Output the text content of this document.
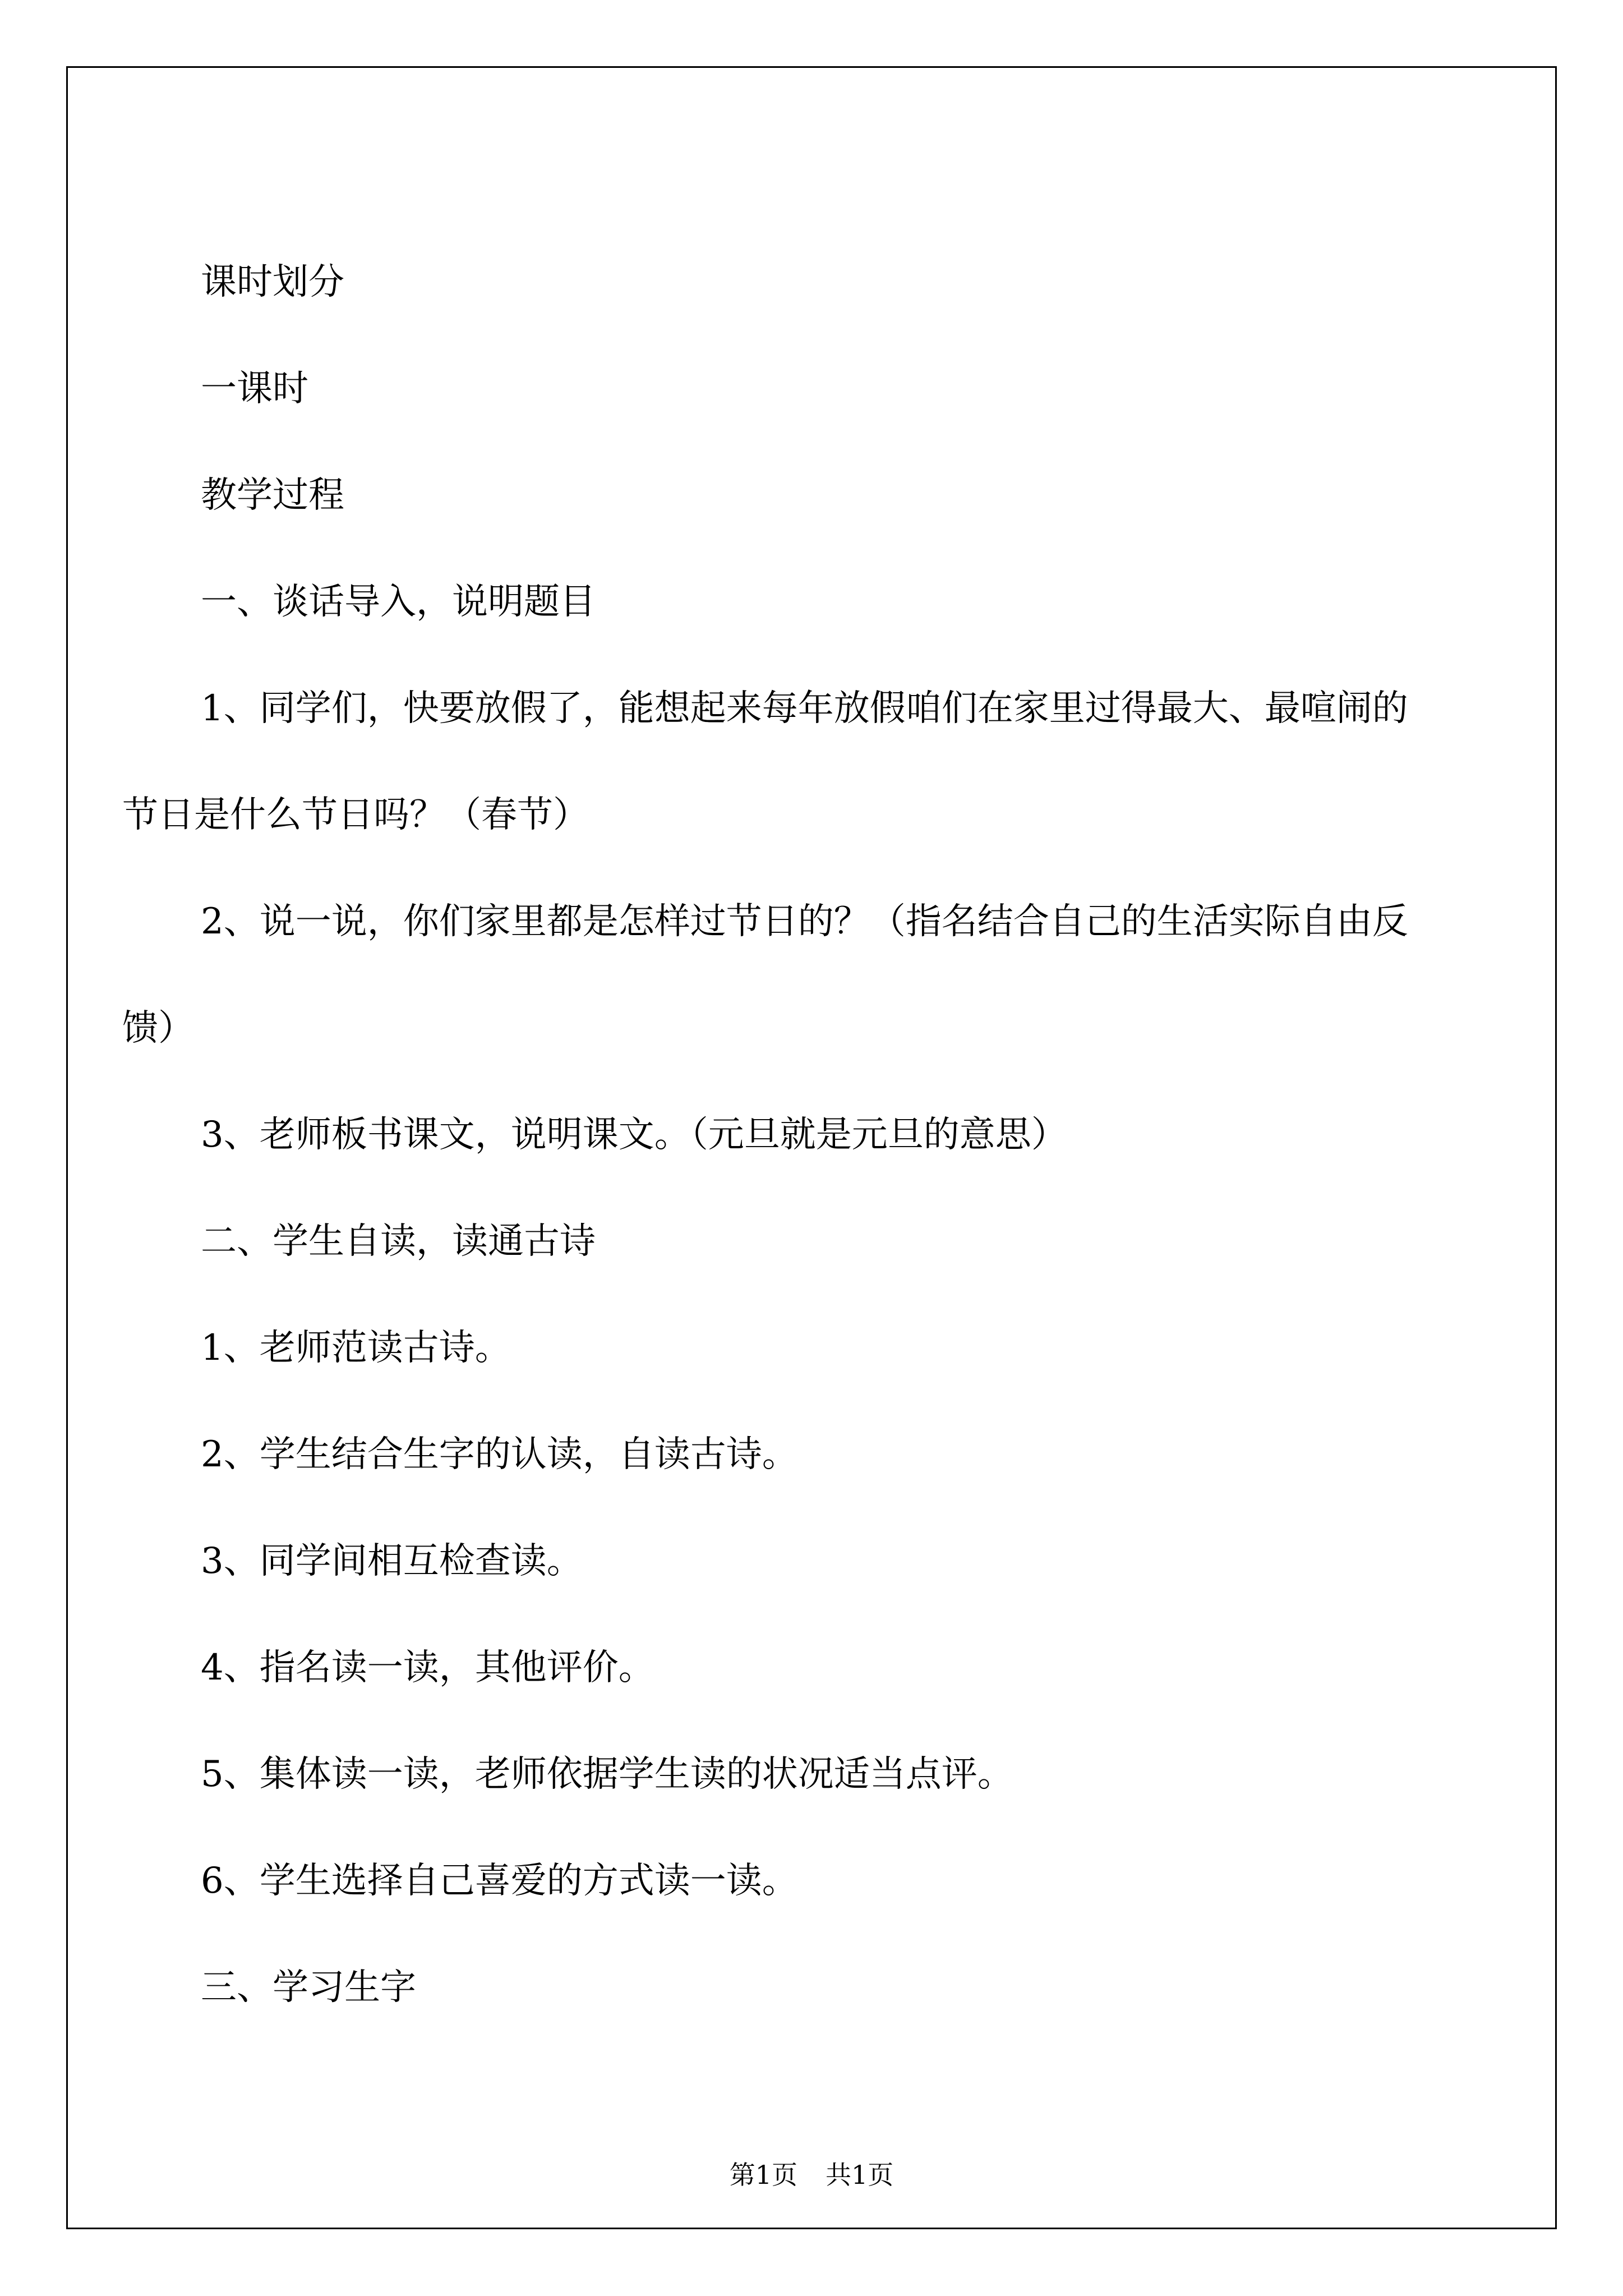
课时划分
一课时
教学过程
一、谈话导入，说明题目
1、同学们，快要放假了，能想起来每年放假咱们在家里过得最大、最喧闹的节日是什么节日吗？（春节）
2、说一说，你们家里都是怎样过节日的？（指名结合自己的生活实际自由反馈）
3、老师板书课文，说明课文。（元旦就是元旦的意思）
二、学生自读，读通古诗
1、老师范读古诗。
2、学生结合生字的认读，自读古诗。
3、同学间相互检查读。
4、指名读一读，其他评价。
5、集体读一读，老师依据学生读的状况适当点评。
6、学生选择自己喜爱的方式读一读。
三、学习生字
第1页 共1页
